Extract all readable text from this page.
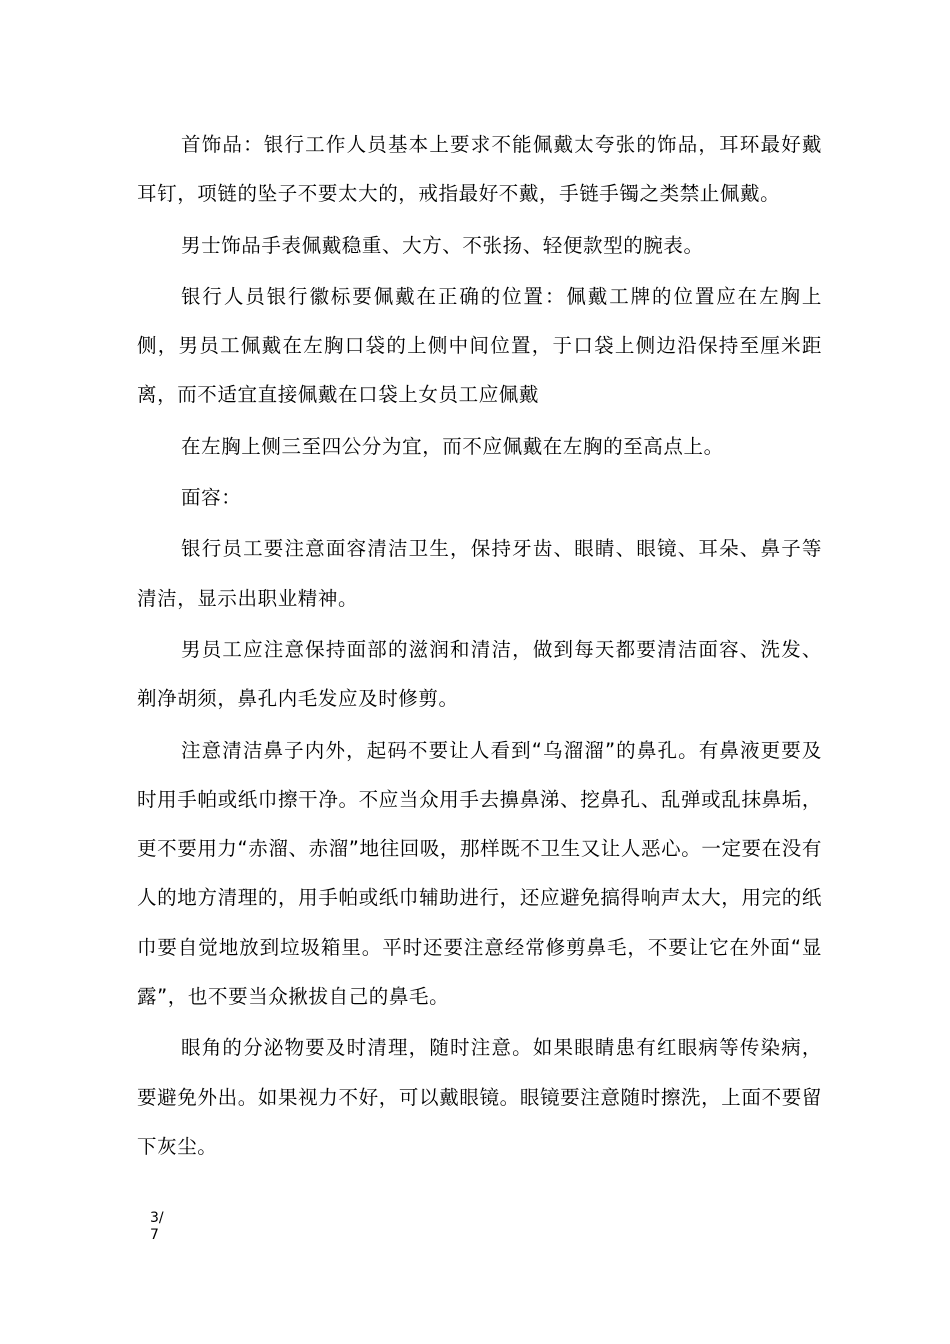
首饰品：银行工作人员基本上要求不能佩戴太夸张的饰品，耳环最好戴耳钉，项链的坠子不要太大的，戒指最好不戴，手链手镯之类禁止佩戴。

男士饰品手表佩戴稳重、大方、不张扬、轻便款型的腕表。

银行人员银行徽标要佩戴在正确的位置：佩戴工牌的位置应在左胸上侧，男员工佩戴在左胸口袋的上侧中间位置，于口袋上侧边沿保持至厘米距离，而不适宜直接佩戴在口袋上女员工应佩戴

在左胸上侧三至四公分为宜，而不应佩戴在左胸的至高点上。

面容：

银行员工要注意面容清洁卫生，保持牙齿、眼睛、眼镜、耳朵、鼻子等清洁，显示出职业精神。

男员工应注意保持面部的滋润和清洁，做到每天都要清洁面容、洗发、剃净胡须，鼻孔内毛发应及时修剪。

注意清洁鼻子内外，起码不要让人看到“乌溜溜”的鼻孔。有鼻液更要及时用手帕或纸巾擦干净。不应当众用手去擤鼻涕、挖鼻孔、乱弹或乱抹鼻垢，更不要用力“赤溜、赤溜”地往回吸，那样既不卫生又让人恶心。一定要在没有人的地方清理的，用手帕或纸巾辅助进行，还应避免搞得响声太大，用完的纸巾要自觉地放到垃圾箱里。平时还要注意经常修剪鼻毛，不要让它在外面“显露”，也不要当众揪拔自己的鼻毛。

眼角的分泌物要及时清理，随时注意。如果眼睛患有红眼病等传染病，要避免外出。如果视力不好，可以戴眼镜。眼镜要注意随时擦洗，上面不要留下灰尘。

3/7
